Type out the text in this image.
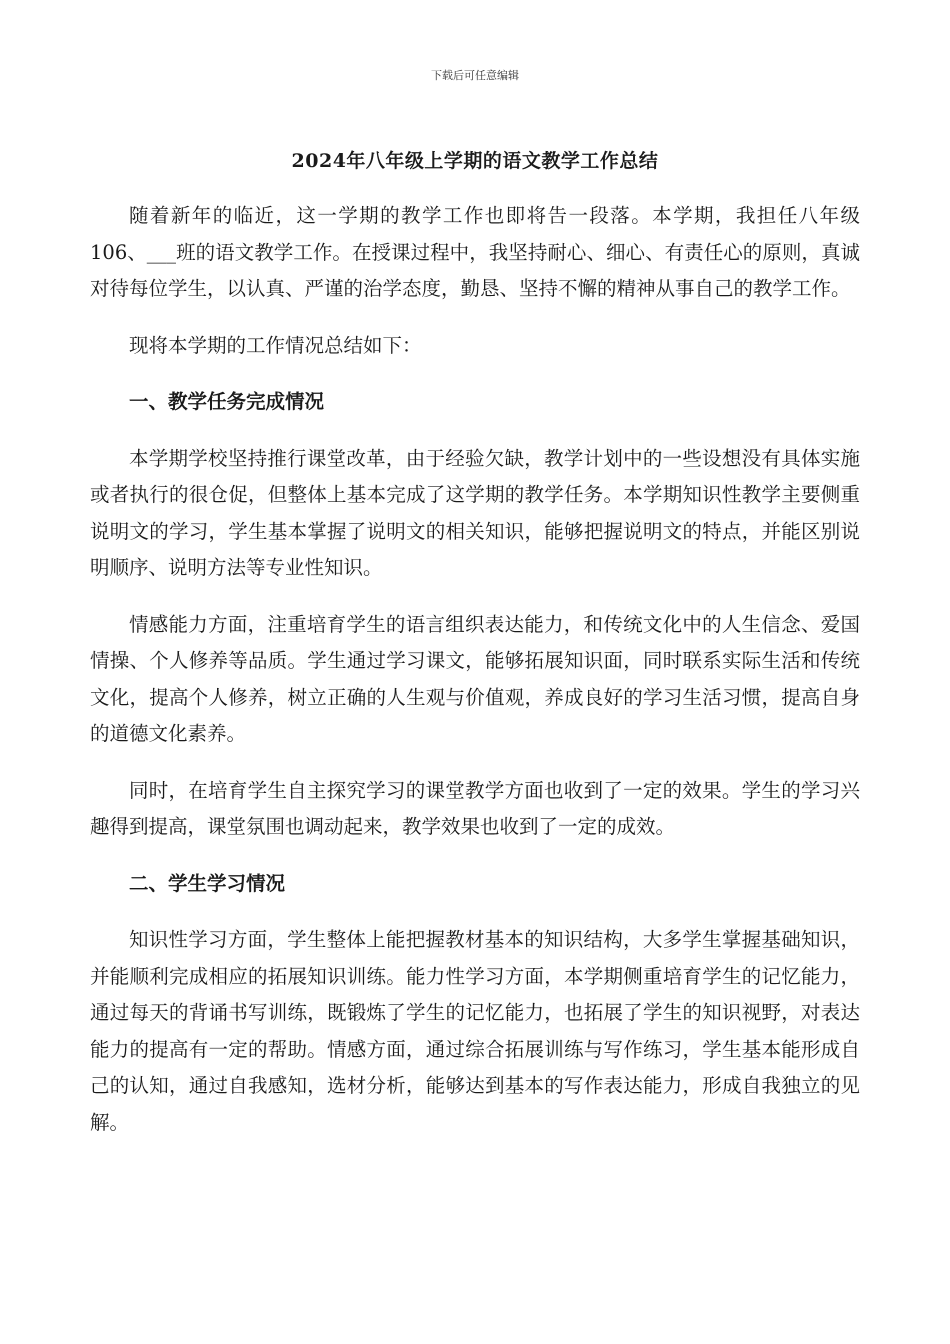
下载后可任意编辑
2024年八年级上学期的语文教学工作总结

随着新年的临近，这一学期的教学工作也即将告一段落。本学期，我担任八年级106、___班的语文教学工作。在授课过程中，我坚持耐心、细心、有责任心的原则，真诚对待每位学生，以认真、严谨的治学态度，勤恳、坚持不懈的精神从事自己的教学工作。

现将本学期的工作情况总结如下：

一、教学任务完成情况

本学期学校坚持推行课堂改革，由于经验欠缺，教学计划中的一些设想没有具体实施或者执行的很仓促，但整体上基本完成了这学期的教学任务。本学期知识性教学主要侧重说明文的学习，学生基本掌握了说明文的相关知识，能够把握说明文的特点，并能区别说明顺序、说明方法等专业性知识。

情感能力方面，注重培育学生的语言组织表达能力，和传统文化中的人生信念、爱国情操、个人修养等品质。学生通过学习课文，能够拓展知识面，同时联系实际生活和传统文化，提高个人修养，树立正确的人生观与价值观，养成良好的学习生活习惯，提高自身的道德文化素养。

同时，在培育学生自主探究学习的课堂教学方面也收到了一定的效果。学生的学习兴趣得到提高，课堂氛围也调动起来，教学效果也收到了一定的成效。

二、学生学习情况

知识性学习方面，学生整体上能把握教材基本的知识结构，大多学生掌握基础知识，并能顺利完成相应的拓展知识训练。能力性学习方面，本学期侧重培育学生的记忆能力，通过每天的背诵书写训练，既锻炼了学生的记忆能力，也拓展了学生的知识视野，对表达能力的提高有一定的帮助。情感方面，通过综合拓展训练与写作练习，学生基本能形成自己的认知，通过自我感知，选材分析，能够达到基本的写作表达能力，形成自我独立的见解。
